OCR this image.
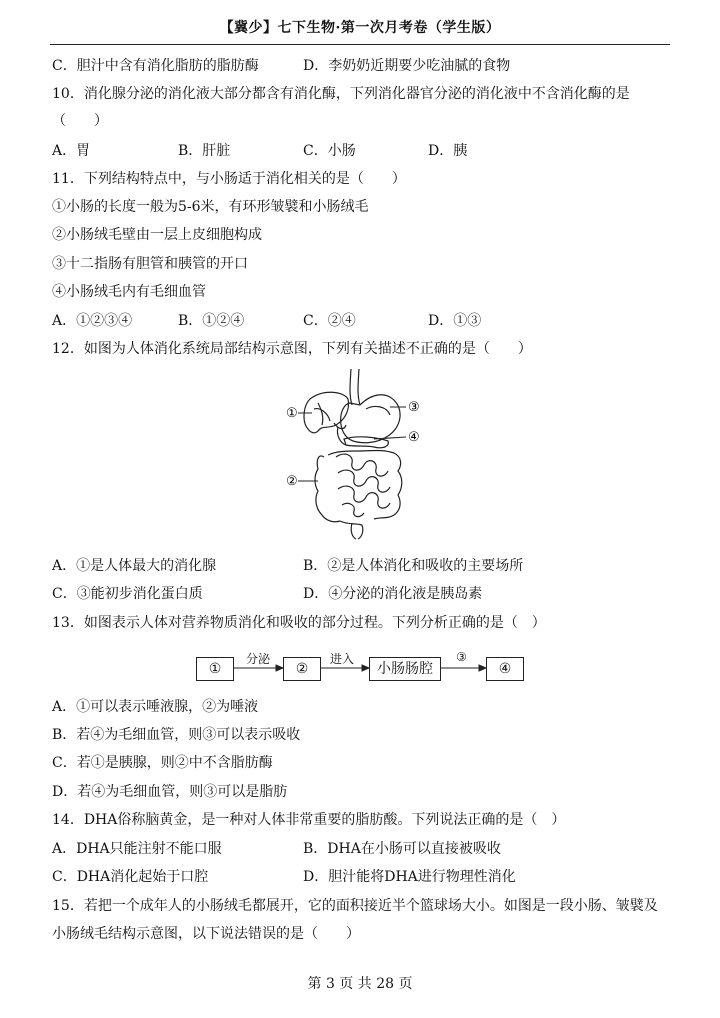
【冀少】七下生物·第一次月考卷（学生版）
C．胆汁中含有消化脂肪的脂肪酶	D．李奶奶近期要少吃油腻的食物
10．消化腺分泌的消化液大部分都含有消化酶，下列消化器官分泌的消化液中不含消化酶的是
（　　）
A．胃	B．肝脏	C．小肠	D．胰
11．下列结构特点中，与小肠适于消化相关的是（　　）
①小肠的长度一般为5-6米，有环形皱襞和小肠绒毛
②小肠绒毛壁由一层上皮细胞构成
③十二指肠有胆管和胰管的开口
④小肠绒毛内有毛细血管
A．①②③④	B．①②④	C．②④	D．①③
12．如图为人体消化系统局部结构示意图，下列有关描述不正确的是（　　）
①
②
③
④
A．①是人体最大的消化腺	B．②是人体消化和吸收的主要场所
C．③能初步消化蛋白质	D．④分泌的消化液是胰岛素
13．如图表示人体对营养物质消化和吸收的部分过程。下列分析正确的是（　）
①	②	小肠肠腔	④
分泌	进入	③
A．①可以表示唾液腺，②为唾液
B．若④为毛细血管，则③可以表示吸收
C．若①是胰腺，则②中不含脂肪酶
D．若④为毛细血管，则③可以是脂肪
14．DHA俗称脑黄金，是一种对人体非常重要的脂肪酸。下列说法正确的是（　）
A．DHA只能注射不能口服	B．DHA在小肠可以直接被吸收
C．DHA消化起始于口腔	D．胆汁能将DHA进行物理性消化
15．若把一个成年人的小肠绒毛都展开，它的面积接近半个篮球场大小。如图是一段小肠、皱襞及
小肠绒毛结构示意图，以下说法错误的是（　　）
第 3 页 共 28 页
